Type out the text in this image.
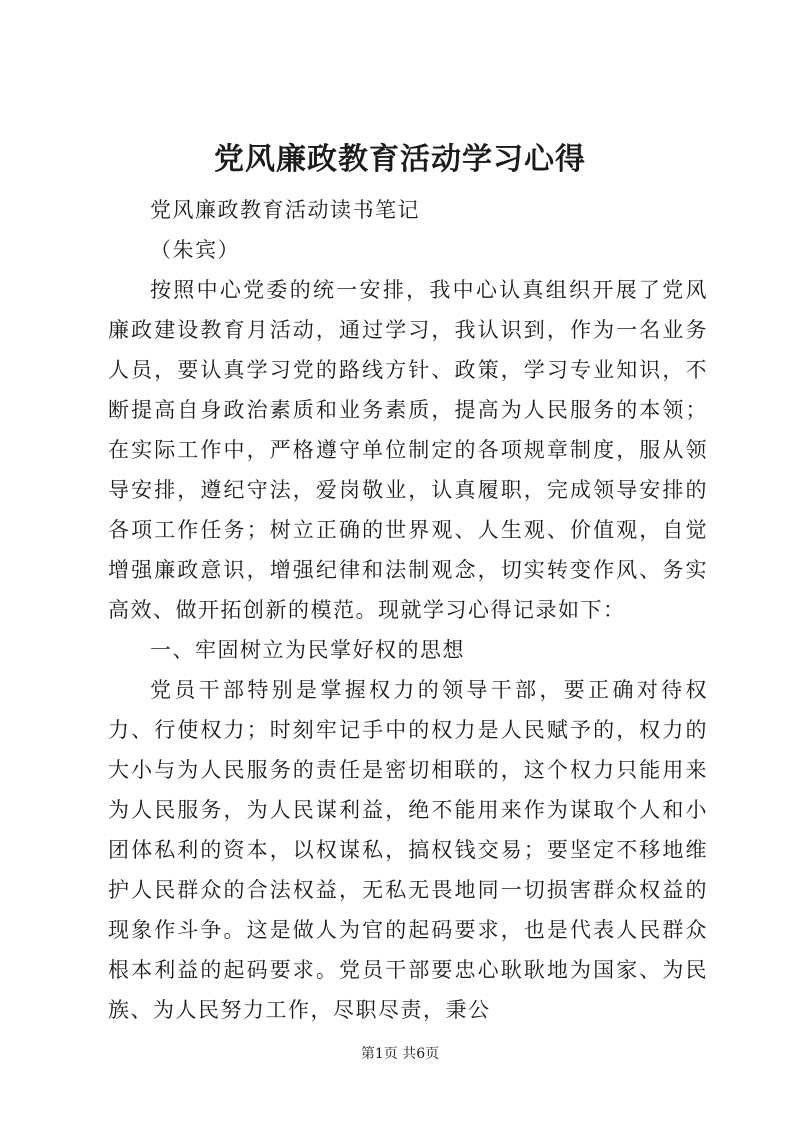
党风廉政教育活动学习心得

党风廉政教育活动读书笔记

（朱宾）

按照中心党委的统一安排，我中心认真组织开展了党风廉政建设教育月活动，通过学习，我认识到，作为一名业务人员，要认真学习党的路线方针、政策，学习专业知识，不断提高自身政治素质和业务素质，提高为人民服务的本领；在实际工作中，严格遵守单位制定的各项规章制度，服从领导安排，遵纪守法，爱岗敬业，认真履职，完成领导安排的各项工作任务；树立正确的世界观、人生观、价值观，自觉增强廉政意识，增强纪律和法制观念，切实转变作风、务实高效、做开拓创新的模范。现就学习心得记录如下：

一、牢固树立为民掌好权的思想

党员干部特别是掌握权力的领导干部，要正确对待权力、行使权力；时刻牢记手中的权力是人民赋予的，权力的大小与为人民服务的责任是密切相联的，这个权力只能用来为人民服务，为人民谋利益，绝不能用来作为谋取个人和小团体私利的资本，以权谋私，搞权钱交易；要坚定不移地维护人民群众的合法权益，无私无畏地同一切损害群众权益的现象作斗争。这是做人为官的起码要求，也是代表人民群众根本利益的起码要求。党员干部要忠心耿耿地为国家、为民族、为人民努力工作，尽职尽责，秉公

第1页 共6页
